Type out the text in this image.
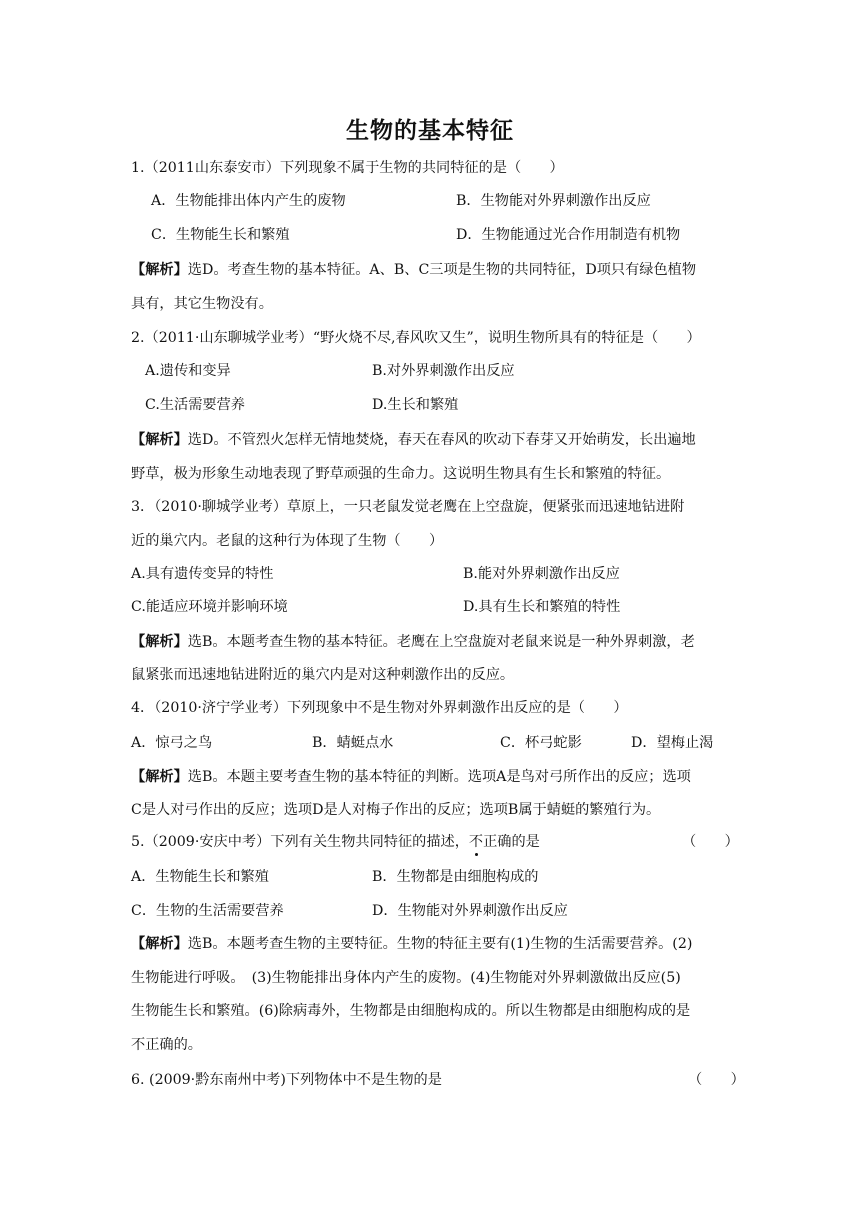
生物的基本特征
1.（2011山东泰安市）下列现象不属于生物的共同特征的是（　　）
A．生物能排出体内产生的废物	B．生物能对外界刺激作出反应
C．生物能生长和繁殖	D．生物能通过光合作用制造有机物
【解析】选D。考查生物的基本特征。A、B、C三项是生物的共同特征，D项只有绿色植物
具有，其它生物没有。
2.（2011·山东聊城学业考）“野火烧不尽,春风吹又生”，说明生物所具有的特征是（　　）
A.遗传和变异	B.对外界刺激作出反应
C.生活需要营养	D.生长和繁殖
【解析】选D。不管烈火怎样无情地焚烧，春天在春风的吹动下春芽又开始萌发，长出遍地
野草，极为形象生动地表现了野草顽强的生命力。这说明生物具有生长和繁殖的特征。
3．（2010·聊城学业考）草原上，一只老鼠发觉老鹰在上空盘旋，便紧张而迅速地钻进附
近的巢穴内。老鼠的这种行为体现了生物（　　）
A.具有遗传变异的特性	B.能对外界刺激作出反应
C.能适应环境并影响环境	D.具有生长和繁殖的特性
【解析】选B。本题考查生物的基本特征。老鹰在上空盘旋对老鼠来说是一种外界刺激，老
鼠紧张而迅速地钻进附近的巢穴内是对这种刺激作出的反应。
4．（2010·济宁学业考）下列现象中不是生物对外界刺激作出反应的是（　　）
A．惊弓之鸟	B．蜻蜓点水	C．杯弓蛇影	D．望梅止渴
【解析】选B。本题主要考查生物的基本特征的判断。选项A是鸟对弓所作出的反应；选项
C是人对弓作出的反应；选项D是人对梅子作出的反应；选项B属于蜻蜓的繁殖行为。
5.（2009·安庆中考）下列有关生物共同特征的描述，不正确的是	（　　）
A．生物能生长和繁殖	B．生物都是由细胞构成的
C．生物的生活需要营养	D．生物能对外界刺激作出反应
【解析】选B。本题考查生物的主要特征。生物的特征主要有(1)生物的生活需要营养。(2)
生物能进行呼吸。　(3)生物能排出身体内产生的废物。(4)生物能对外界刺激做出反应(5)
生物能生长和繁殖。(6)除病毒外，生物都是由细胞构成的。所以生物都是由细胞构成的是
不正确的。
6. (2009·黔东南州中考)下列物体中不是生物的是	（　　）
